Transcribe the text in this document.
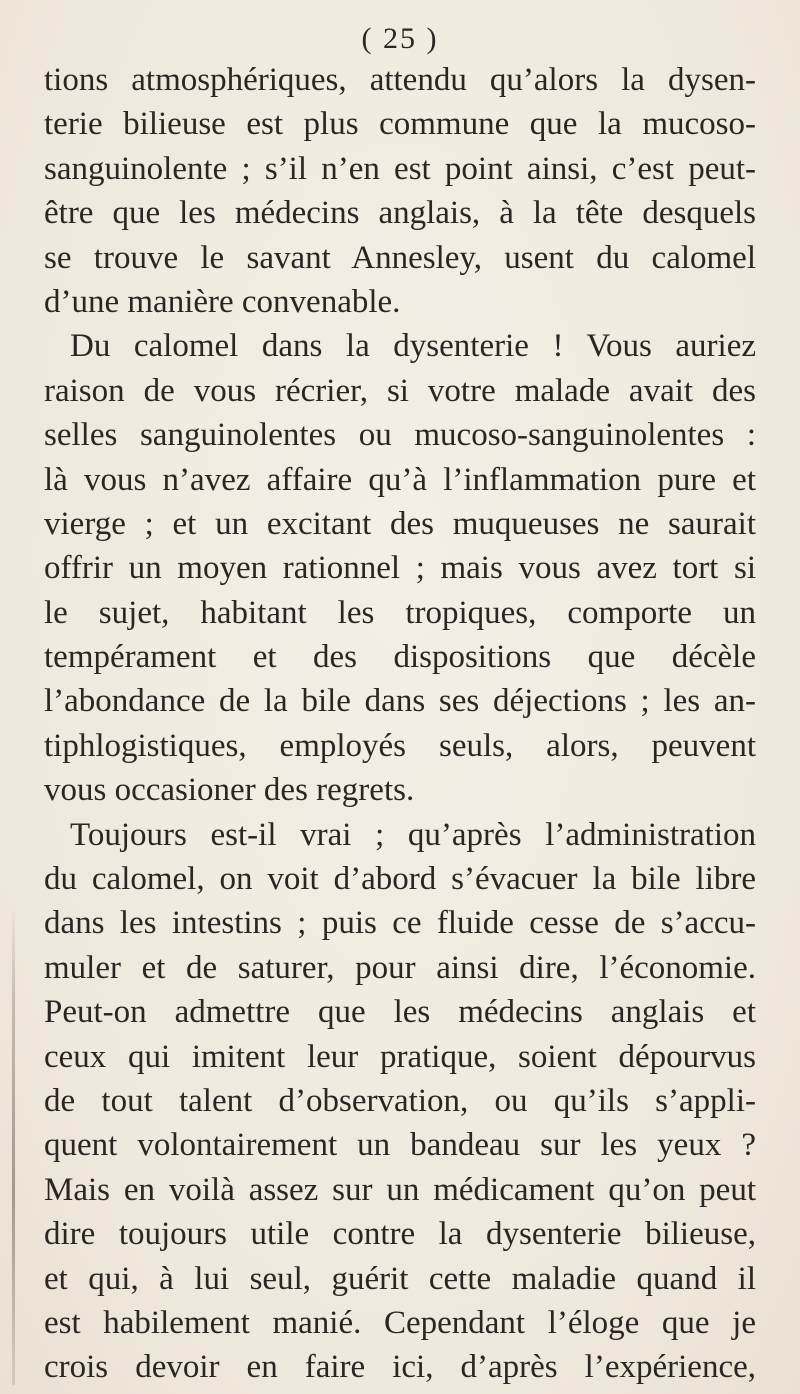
( 25 )
tions atmosphériques, attendu qu’alors la dysen-
terie bilieuse est plus commune que la mucoso-
sanguinolente ; s’il n’en est point ainsi, c’est peut-
être que les médecins anglais, à la tête desquels
se trouve le savant Annesley, usent du calomel
d’une manière convenable.
Du calomel dans la dysenterie ! Vous auriez
raison de vous récrier, si votre malade avait des
selles sanguinolentes ou mucoso-sanguinolentes :
là vous n’avez affaire qu’à l’inflammation pure et
vierge ; et un excitant des muqueuses ne saurait
offrir un moyen rationnel ; mais vous avez tort si
le sujet, habitant les tropiques, comporte un
tempérament et des dispositions que décèle
l’abondance de la bile dans ses déjections ; les an-
tiphlogistiques, employés seuls, alors, peuvent
vous occasioner des regrets.
Toujours est-il vrai ; qu’après l’administration
du calomel, on voit d’abord s’évacuer la bile libre
dans les intestins ; puis ce fluide cesse de s’accu-
muler et de saturer, pour ainsi dire, l’économie.
Peut-on admettre que les médecins anglais et
ceux qui imitent leur pratique, soient dépourvus
de tout talent d’observation, ou qu’ils s’appli-
quent volontairement un bandeau sur les yeux ?
Mais en voilà assez sur un médicament qu’on peut
dire toujours utile contre la dysenterie bilieuse,
et qui, à lui seul, guérit cette maladie quand il
est habilement manié. Cependant l’éloge que je
crois devoir en faire ici, d’après l’expérience,
